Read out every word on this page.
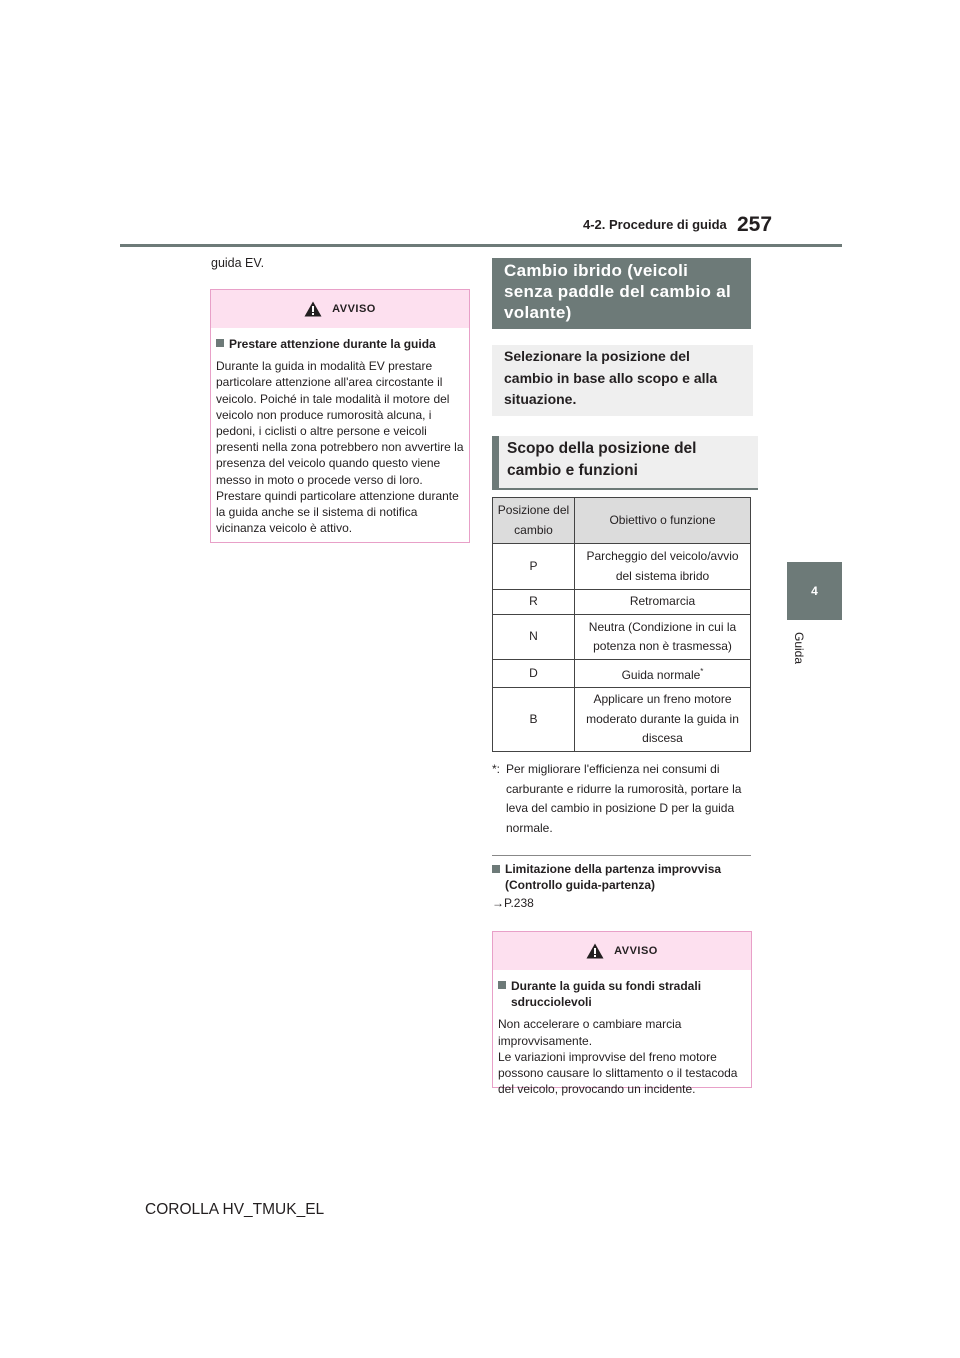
4-2. Procedure di guida 257
4
Guida
guida EV.
AVVISO
Prestare attenzione durante la guida
Durante la guida in modalità EV prestare particolare attenzione all'area circostante il veicolo. Poiché in tale modalità il motore del veicolo non produce rumorosità alcuna, i pedoni, i ciclisti o altre persone e veicoli presenti nella zona potrebbero non avvertire la presenza del veicolo quando questo viene messo in moto o procede verso di loro. Prestare quindi particolare attenzione durante la guida anche se il sistema di notifica vicinanza veicolo è attivo.
Cambio ibrido (veicoli senza paddle del cambio al volante)
Selezionare la posizione del cambio in base allo scopo e alla situazione.
Scopo della posizione del cambio e funzioni
Posizione del cambio	Obiettivo o funzione
P	Parcheggio del veicolo/avvio del sistema ibrido
R	Retromarcia
N	Neutra (Condizione in cui la potenza non è trasmessa)
D	Guida normale*
B	Applicare un freno motore moderato durante la guida in discesa
*: Per migliorare l'efficienza nei consumi di carburante e ridurre la rumorosità, portare la leva del cambio in posizione D per la guida normale.
Limitazione della partenza improvvisa (Controllo guida-partenza)
→P.238
AVVISO
Durante la guida su fondi stradali sdrucciolevoli
Non accelerare o cambiare marcia improvvisamente.
Le variazioni improvvise del freno motore possono causare lo slittamento o il testacoda del veicolo, provocando un incidente.
COROLLA HV_TMUK_EL
